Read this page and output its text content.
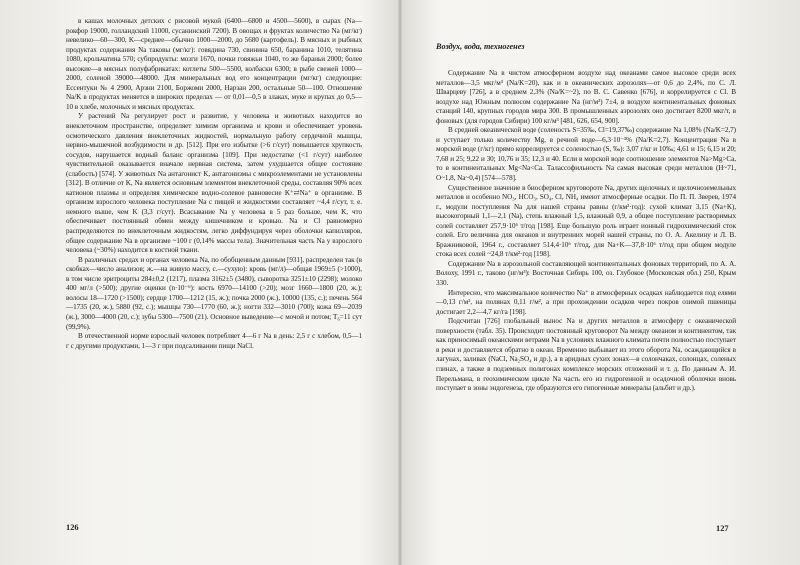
в кашах молочных детских с рисовой мукой (6400—6800 и 4500—5600), в сырах (Na—рокфор 19000, голландский 11000, сусанинский 7200). В овощах и фруктах количество Na (мг/кг) невелико—60—300, K—среднее—обычно 1000—2000, до 5680 (картофель). В мясных и рыбных продуктах содержания Na таковы (мг/кг): говядина 730, свинина 650, баранина 1010, телятина 1080, крольчатина 570; субпродукты: мозги 1670, почки говяжьи 1040, то же бараньи 2000; более высокие—в мясных полуфабрикатах: котлеты 500—5500, колбаски 6300; в рыбе свежей 1000—2000, соленой 39000—48000. Для минеральных вод его концентрации (мг/кг) следующие: Ессентуки № 4 2900, Арзни 2100, Боржоми 2000, Нарзан 200, остальные 50—100. Отношение Na/K в продуктах меняется в широких пределах — от 0,01—0,5 в злаках, муке и крупах до 0,5—10 в хлебе, молочных и мясных продуктах.

У растений Na регулирует рост и развитие, у человека и животных находится во внеклеточном пространстве, определяет химизм организма и крови и обеспечивает уровень осмотического давления внеклеточных жидкостей, нормальную работу сердечной мышцы, нервно-мышечной возбудимости и др. [512]. При его избытке (>6 г/сут) повышается хрупкость сосудов, нарушается водный баланс организма [109]. При недостатке (<1 г/сут) наиболее чувствительной оказывается вначале нервная система, затем ухудшается общее состояние (слабость) [574]. У животных Na антагонист K, антагонизмы с микроэлементами не установлены [312]. В отличие от K, Na является основным элементом внеклеточной среды, составляя 90% всех катионов плазмы и определяя химическое водно-солевое равновесие K⁺⇄Na⁺ в организме. В организм взрослого человека поступление Na с пищей и жидкостями составляет ~4,4 г/сут, т. е. немного выше, чем K (3,3 г/сут). Всасывание Na у человека в 5 раз больше, чем K, что обеспечивает постоянный обмен между кишечником и кровью. Na и Cl равномерно распределяются по внеклеточным жидкостям, легко диффундируя через оболочки капилляров, общее содержание Na в организме ~100 г (0,14% массы тела). Значительная часть Na у взрослого человека (~30%) находится в костной ткани.

В различных средах и органах человека Na, по обобщенным данным [931], распределен так (в скобках—число анализов; ж.—на живую массу, с.—сухую): кровь (мг/л)—общая 1969±5 (>1000), в том числе эритроциты 284±0,2 (1217), плазма 3162±5 (3480), сыворотка 3251±10 (2298); молоко 400 мг/л (>500); другие оценки (n·10⁻⁶): кость 6970—14100 (>20); мозг 1660—1800 (20, ж.); волосы 18—1720 (>1500); сердце 1700—1212 (15, ж.); почка 2000 (ж.), 10000 (135, с.); печень 564—1735 (20, ж.), 5880 (92, с.); мышцы 730—1770 (60, ж.); ногти 332—3010 (700); кожа 69—2039 (ж.), 3000—4000 (20, с.); зубы 5300—7500 (21). Основное выведение—с мочой и потом; T₆=11 сут (99,9%).

В отечественной норме взрослый человек потребляет 4—6 г Na в день: 2,5 г с хлебом, 0,5—1 г с другими продуктами, 1—3 г при подсаливании пищи NaCl.

126
Воздух, вода, техногенез

Содержание Na в чистом атмосферном воздухе над океанами самое высокое среди всех металлов—3,5 мкг/м³ (Na/K=20), как и в океанических аэрозолях—от 0,6 до 2,4%, по С. Л. Шварцеву [726], а в среднем 2,3% (Na/K=~2), по В. С. Савенко [676], и коррелируется с Cl. В воздухе над Южным полюсом содержание Na (нг/м³) 7±4, в воздухе континентальных фоновых станций 140, крупных городов мира 300. В промышленных аэрозолях оно достигает 8200 мкг/т, в фоновых (для городов Сибири) 100 кг/м³ [481, 626, 654, 900].

В средней океанической воде (соленость S=35‰, Cl=19,37‰) содержание Na 1,08% (Na/K=2,7) и уступает только количеству Mg, в речной воде—6,3·10⁻³% (Na/K=2,7). Концентрация Na в морской воде (г/кг) прямо коррелируется с соленостью (S, ‰): 3,07 г/кг и 10‰; 4,61 и 15; 6,15 и 20; 7,68 и 25; 9,22 и 30; 10,76 и 35; 12,3 и 40. Если в морской воде соотношение элементов Na>Mg>Ca, то в континентальных Mg<Na<Ca. Талассофильность Na самая высокая среди металлов (H~71, O~1,8, Na~0,4) [574—578].

Существенное значение в биосферном круговороте Na, других щелочных и щелочноземельных металлов и особенно NO₃, HCO₃, SO₄, Cl, NH₄ имеют атмосферные осадки. По П. П. Зверев, 1974 г., модули поступления Na для нашей страны равны (г/км²·год): сухой климат 3,15 (Na+K), высокогорный 1,1—2,1 (Na), степь влажный 1,5, влажный 0,9, а общее поступление растворимых солей составляет 257,9·10⁶ т/год [198]. Еще большую роль играет ионный гидрохимический сток солей. Его величина для океанов и внутренних морей нашей страны, по О. А. Акелину и Л. В. Бражниковой, 1964 г., составляет 514,4·10⁶ т/год, для Na+K—37,8·10⁶ т/год при общем модуле стока всех солей ~24,8 т/км²·год [198].

Содержание Na в аэрозольной составляющей континентальных фоновых территорий, по А. А. Волоху, 1991 г., таково (нг/м³): Восточная Сибирь 100, оз. Глубокое (Московская обл.) 250, Крым 330.

Интересно, что максимальное количество Na⁺ в атмосферных осадках наблюдается под елями—0,13 г/м², на полянах 0,11 г/м², а при прохождении осадков через покров озимой пшеницы достигает 2,2—4,7 кг/га [198].

Подсчитан [726] глобальный вынос Na и других металлов в атмосферу с океанической поверхности (табл. 35). Происходит постоянный круговорот Na между океаном и континентом, так как приносимый океанскими ветрами Na в условиях влажного климата почти полностью поступает в реки и доставляется обратно в океан. Временно выбывает из этого оборота Na, осаждающийся в лагунах, заливах (NaCl, Na₂SO₄ и др.), а в аридных сухих зонах—в солончаках, солонцах, соленых глинах, а также в подземных полигонах комплексе морских отложений и т. д. По данным А. И. Перельмана, в геохимическом цикле Na часть его из гидрогенной и осадочной оболочки вновь поступает в зоны эндогенеза, где образуются его гипогенные минералы (альбит и др.).

127
